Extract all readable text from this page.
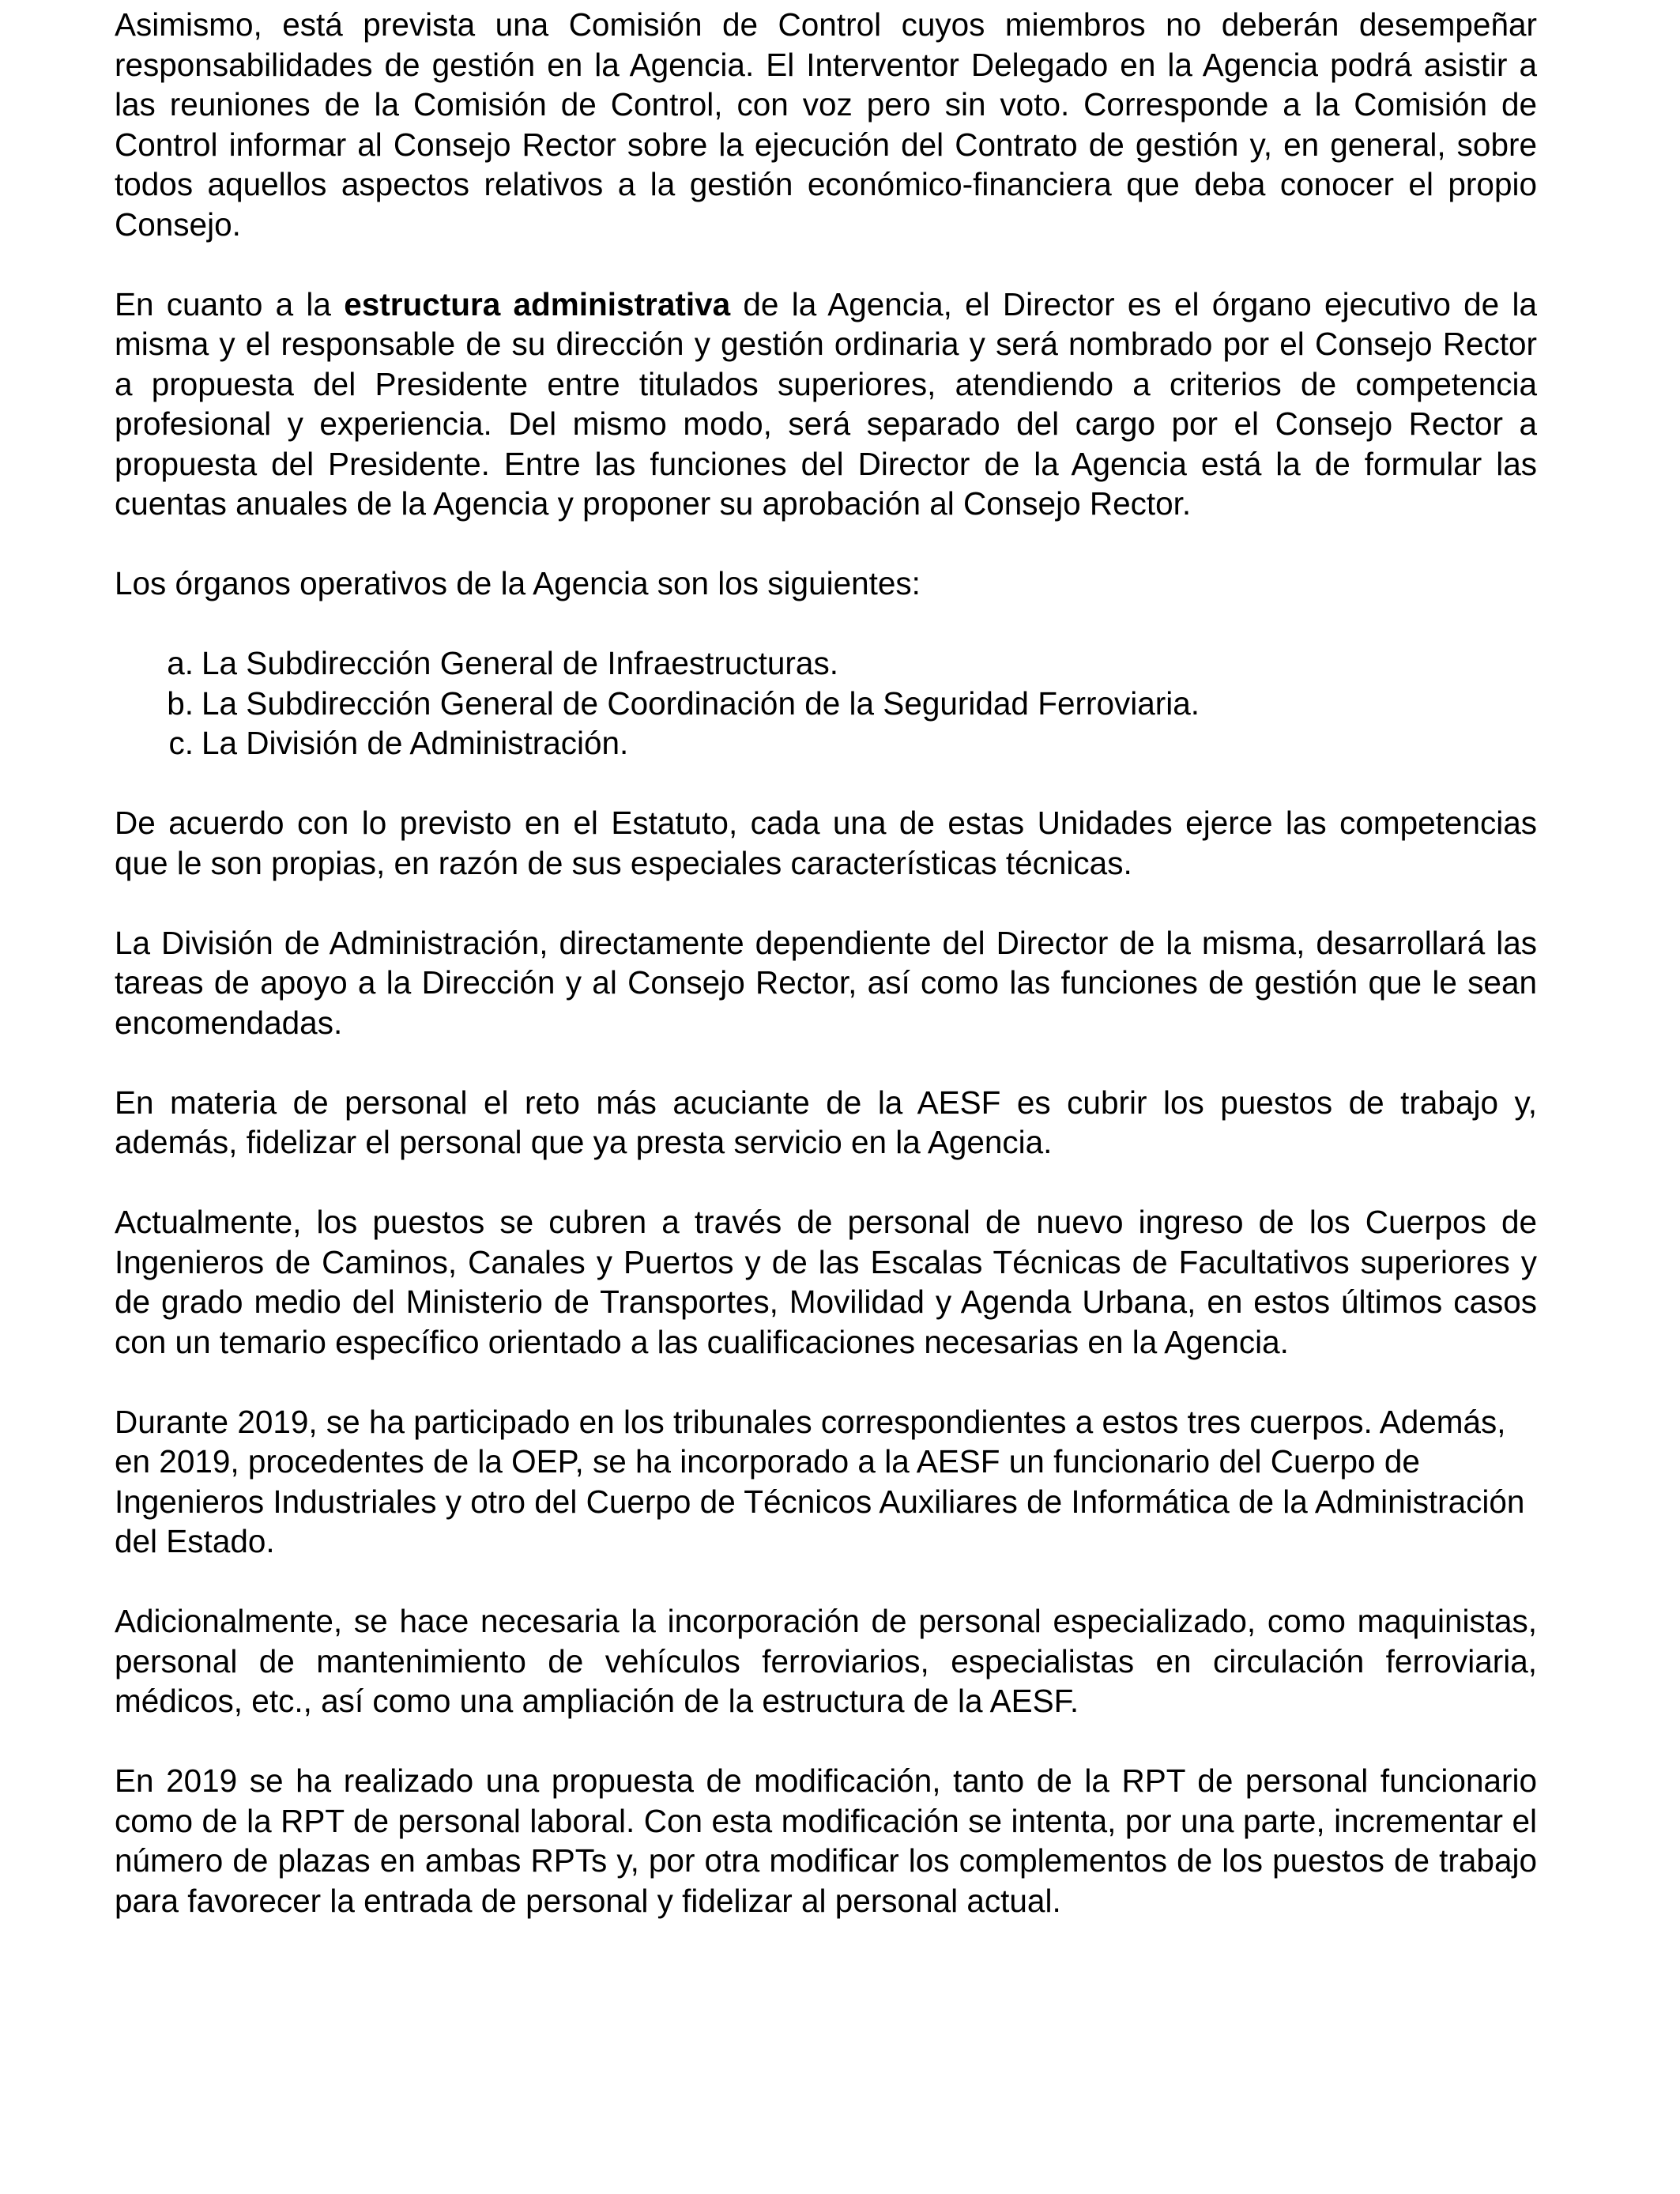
Asimismo, está prevista una Comisión de Control cuyos miembros no deberán desempeñar responsabilidades de gestión en la Agencia. El Interventor Delegado en la Agencia podrá asistir a las reuniones de la Comisión de Control, con voz pero sin voto. Corresponde a la Comisión de Control informar al Consejo Rector sobre la ejecución del Contrato de gestión y, en general, sobre todos aquellos aspectos relativos a la gestión económico-financiera que deba conocer el propio Consejo.

En cuanto a la estructura administrativa de la Agencia, el Director es el órgano ejecutivo de la misma y el responsable de su dirección y gestión ordinaria y será nombrado por el Consejo Rector a propuesta del Presidente entre titulados superiores, atendiendo a criterios de competencia profesional y experiencia. Del mismo modo, será separado del cargo por el Consejo Rector a propuesta del Presidente. Entre las funciones del Director de la Agencia está la de formular las cuentas anuales de la Agencia y proponer su aprobación al Consejo Rector.

Los órganos operativos de la Agencia son los siguientes:

a. La Subdirección General de Infraestructuras.
b. La Subdirección General de Coordinación de la Seguridad Ferroviaria.
c. La División de Administración.

De acuerdo con lo previsto en el Estatuto, cada una de estas Unidades ejerce las competencias que le son propias, en razón de sus especiales características técnicas.

La División de Administración, directamente dependiente del Director de la misma, desarrollará las tareas de apoyo a la Dirección y al Consejo Rector, así como las funciones de gestión que le sean encomendadas.

En materia de personal el reto más acuciante de la AESF es cubrir los puestos de trabajo y, además, fidelizar el personal que ya presta servicio en la Agencia.

Actualmente, los puestos se cubren a través de personal de nuevo ingreso de los Cuerpos de Ingenieros de Caminos, Canales y Puertos y de las Escalas Técnicas de Facultativos superiores y de grado medio del Ministerio de Transportes, Movilidad y Agenda Urbana, en estos últimos casos con un temario específico orientado a las cualificaciones necesarias en la Agencia.

Durante 2019, se ha participado en los tribunales correspondientes a estos tres cuerpos. Además, en 2019, procedentes de la OEP, se ha incorporado a la AESF un funcionario del Cuerpo de Ingenieros Industriales y otro del Cuerpo de Técnicos Auxiliares de Informática de la Administración del Estado.

Adicionalmente, se hace necesaria la incorporación de personal especializado, como maquinistas, personal de mantenimiento de vehículos ferroviarios, especialistas en circulación ferroviaria, médicos, etc., así como una ampliación de la estructura de la AESF.

En 2019 se ha realizado una propuesta de modificación, tanto de la RPT de personal funcionario como de la RPT de personal laboral. Con esta modificación se intenta, por una parte, incrementar el número de plazas en ambas RPTs y, por otra modificar los complementos de los puestos de trabajo para favorecer la entrada de personal y fidelizar al personal actual.
